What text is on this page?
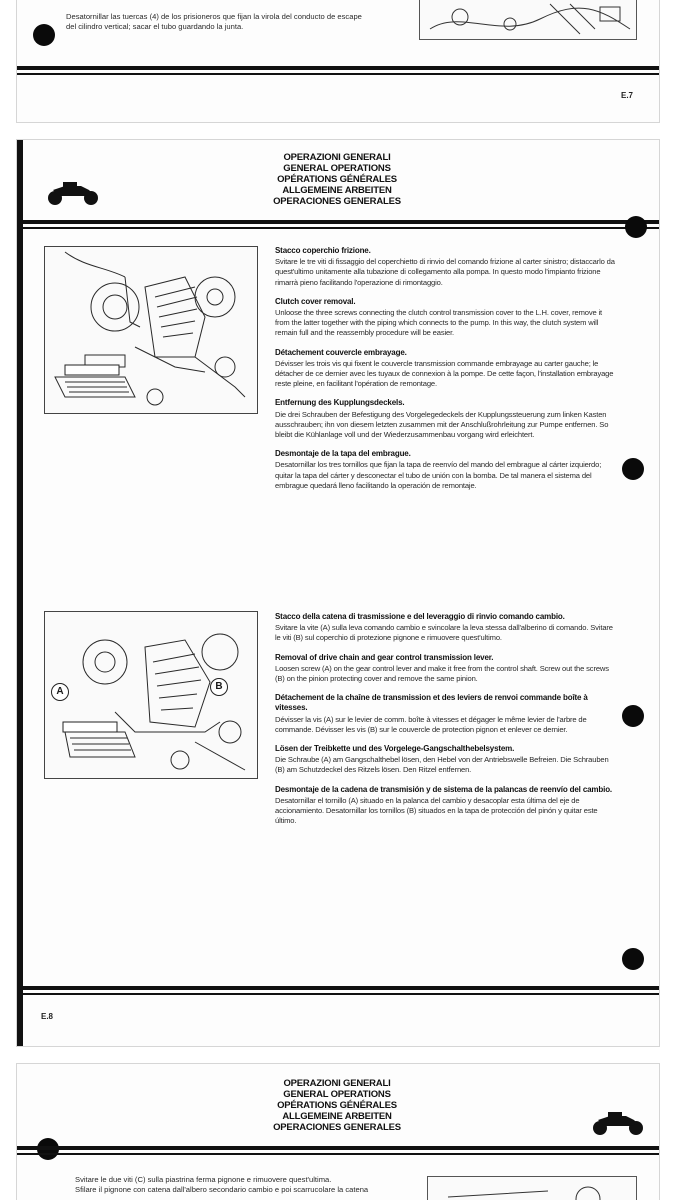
Desatornillar las tuercas (4) de los prisioneros que fijan la virola del conducto de escape
del cilindro vertical; sacar el tubo guardando la junta.
E.7
OPERAZIONI GENERALI
GENERAL OPERATIONS
OPÉRATIONS GÉNÉRALES
ALLGEMEINE ARBEITEN
OPERACIONES GENERALES
Stacco coperchio frizione.
Svitare le tre viti di fissaggio del coperchietto di rinvio del comando frizione al carter sinistro; distaccarlo da quest'ultimo unitamente alla tubazione di collegamento alla pompa. In questo modo l'impianto frizione rimarrà pieno facilitando l'operazione di rimontaggio.
Clutch cover removal.
Unloose the three screws connecting the clutch control transmission cover to the L.H. cover, remove it from the latter together with the piping which connects to the pump. In this way, the clutch system will remain full and the reassembly procedure will be easier.
Détachement couvercle embrayage.
Dévisser les trois vis qui fixent le couvercle transmission commande embrayage au carter gauche; le détacher de ce dernier avec les tuyaux de connexion à la pompe. De cette façon, l'installation embrayage reste pleine, en facilitant l'opération de remontage.
Entfernung des Kupplungsdeckels.
Die drei Schrauben der Befestigung des Vorgelegedeckels der Kupplungssteuerung zum linken Kasten ausschrauben; ihn von diesem letzten zusammen mit der Anschlußrohrleitung zur Pumpe entfernen. So bleibt die Kühlanlage voll und der Wiederzusammenbau vorgang wird erleichtert.
Desmontaje de la tapa del embrague.
Desatornillar los tres tornillos que fijan la tapa de reenvío del mando del embrague al cárter izquierdo; quitar la tapa del cárter y desconectar el tubo de unión con la bomba. De tal manera el sistema del embrague quedará lleno facilitando la operación de remontaje.
A	B
Stacco della catena di trasmissione e del leveraggio di rinvio comando cambio.
Svitare la vite (A) sulla leva comando cambio e svincolare la leva stessa dall'alberino di comando. Svitare le viti (B) sul coperchio di protezione pignone e rimuovere quest'ultimo.
Removal of drive chain and gear control transmission lever.
Loosen screw (A) on the gear control lever and make it free from the control shaft. Screw out the screws (B) on the pinion protecting cover and remove the same pinion.
Détachement de la chaîne de transmission et des leviers de renvoi commande boîte à vitesses.
Dévisser la vis (A) sur le levier de comm. boîte à vitesses et dégager le même levier de l'arbre de commande. Dévisser les vis (B) sur le couvercle de protection pignon et enlever ce dernier.
Lösen der Treibkette und des Vorgelege-Gangschalthebelsystem.
Die Schraube (A) am Gangschalthebel lösen, den Hebel von der Antriebswelle Befreien. Die Schrauben (B) am Schutzdeckel des Ritzels lösen. Den Ritzel entfernen.
Desmontaje de la cadena de transmisión y de sistema de la palancas de reenvío del cambio.
Desatornillar el tornillo (A) situado en la palanca del cambio y desacoplar esta última del eje de accionamiento. Desatornillar los tornillos (B) situados en la tapa de protección del pinón y quitar este último.
E.8
OPERAZIONI GENERALI
GENERAL OPERATIONS
OPÉRATIONS GÉNÉRALES
ALLGEMEINE ARBEITEN
OPERACIONES GENERALES
Svitare le due viti (C) sulla piastrina ferma pignone e rimuovere quest'ultima.
Sfilare il pignone con catena dall'albero secondario cambio e poi scarrucolare la catena
